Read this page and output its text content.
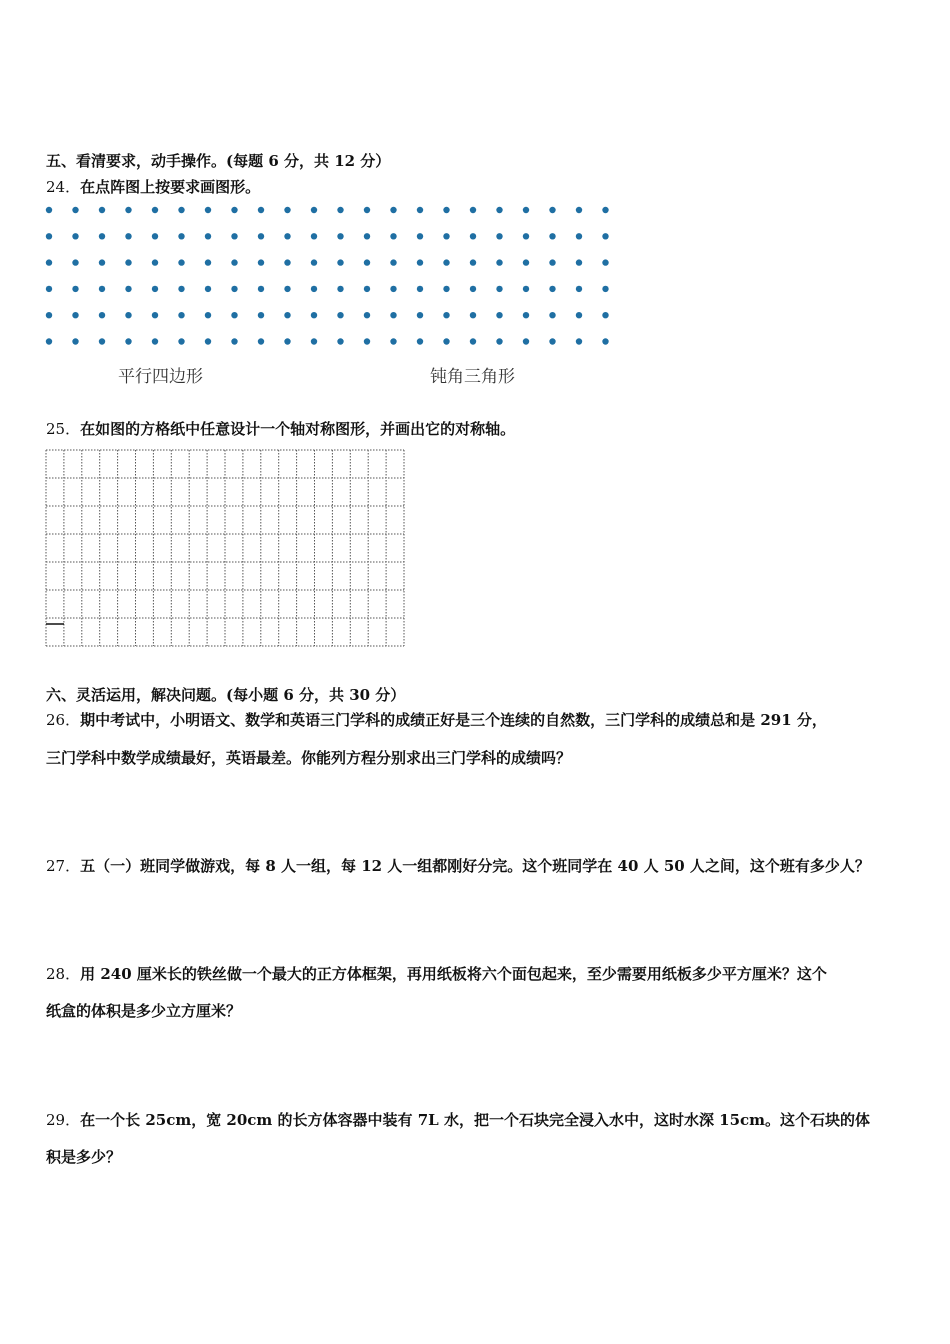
五、看清要求，动手操作。(每题 6 分，共 12 分）

24．在点阵图上按要求画图形。

平行四边形	钝角三角形

25．在如图的方格纸中任意设计一个轴对称图形，并画出它的对称轴。

六、灵活运用，解决问题。(每小题 6 分，共 30 分）

26．期中考试中，小明语文、数学和英语三门学科的成绩正好是三个连续的自然数，三门学科的成绩总和是 291 分，

三门学科中数学成绩最好，英语最差。你能列方程分别求出三门学科的成绩吗？

27．五（一）班同学做游戏，每 8 人一组，每 12 人一组都刚好分完。这个班同学在 40 人 50 人之间，这个班有多少人？

28．用 240 厘米长的铁丝做一个最大的正方体框架，再用纸板将六个面包起来，至少需要用纸板多少平方厘米？这个

纸盒的体积是多少立方厘米？

29．在一个长 25cm，宽 20cm 的长方体容器中装有 7L 水，把一个石块完全浸入水中，这时水深 15cm。这个石块的体

积是多少？
